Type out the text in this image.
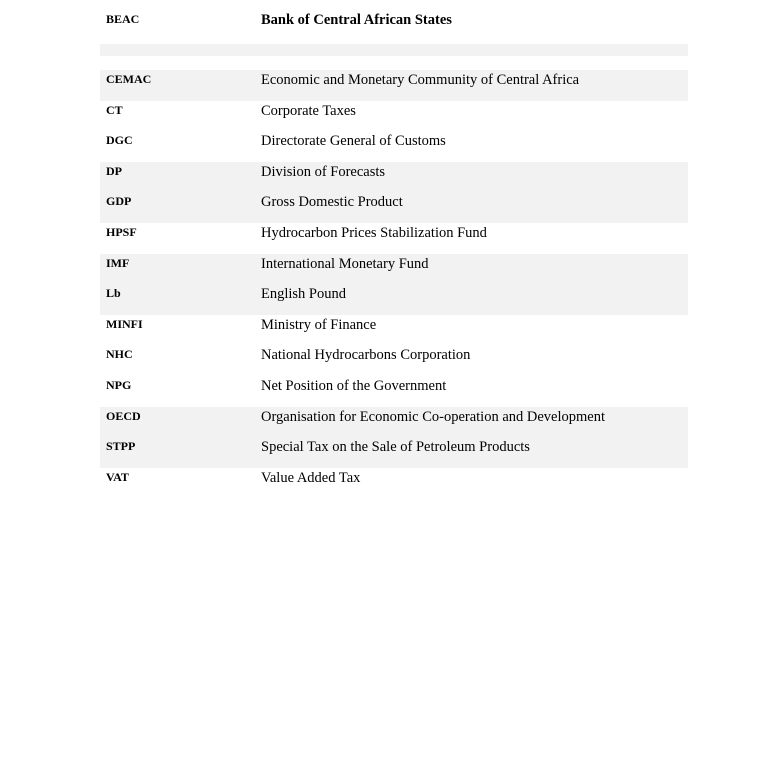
BEAC	Bank of Central African States
CEMAC	Economic and Monetary Community of Central Africa
CT	Corporate Taxes
DGC	Directorate General of Customs
DP	Division of Forecasts
GDP	Gross Domestic Product
HPSF	Hydrocarbon Prices Stabilization Fund
IMF	International Monetary Fund
Lb	English Pound
MINFI	Ministry of Finance
NHC	National Hydrocarbons Corporation
NPG	Net Position of the Government
OECD	Organisation for Economic Co-operation and Development
STPP	Special Tax on the Sale of Petroleum Products
VAT	Value Added Tax
